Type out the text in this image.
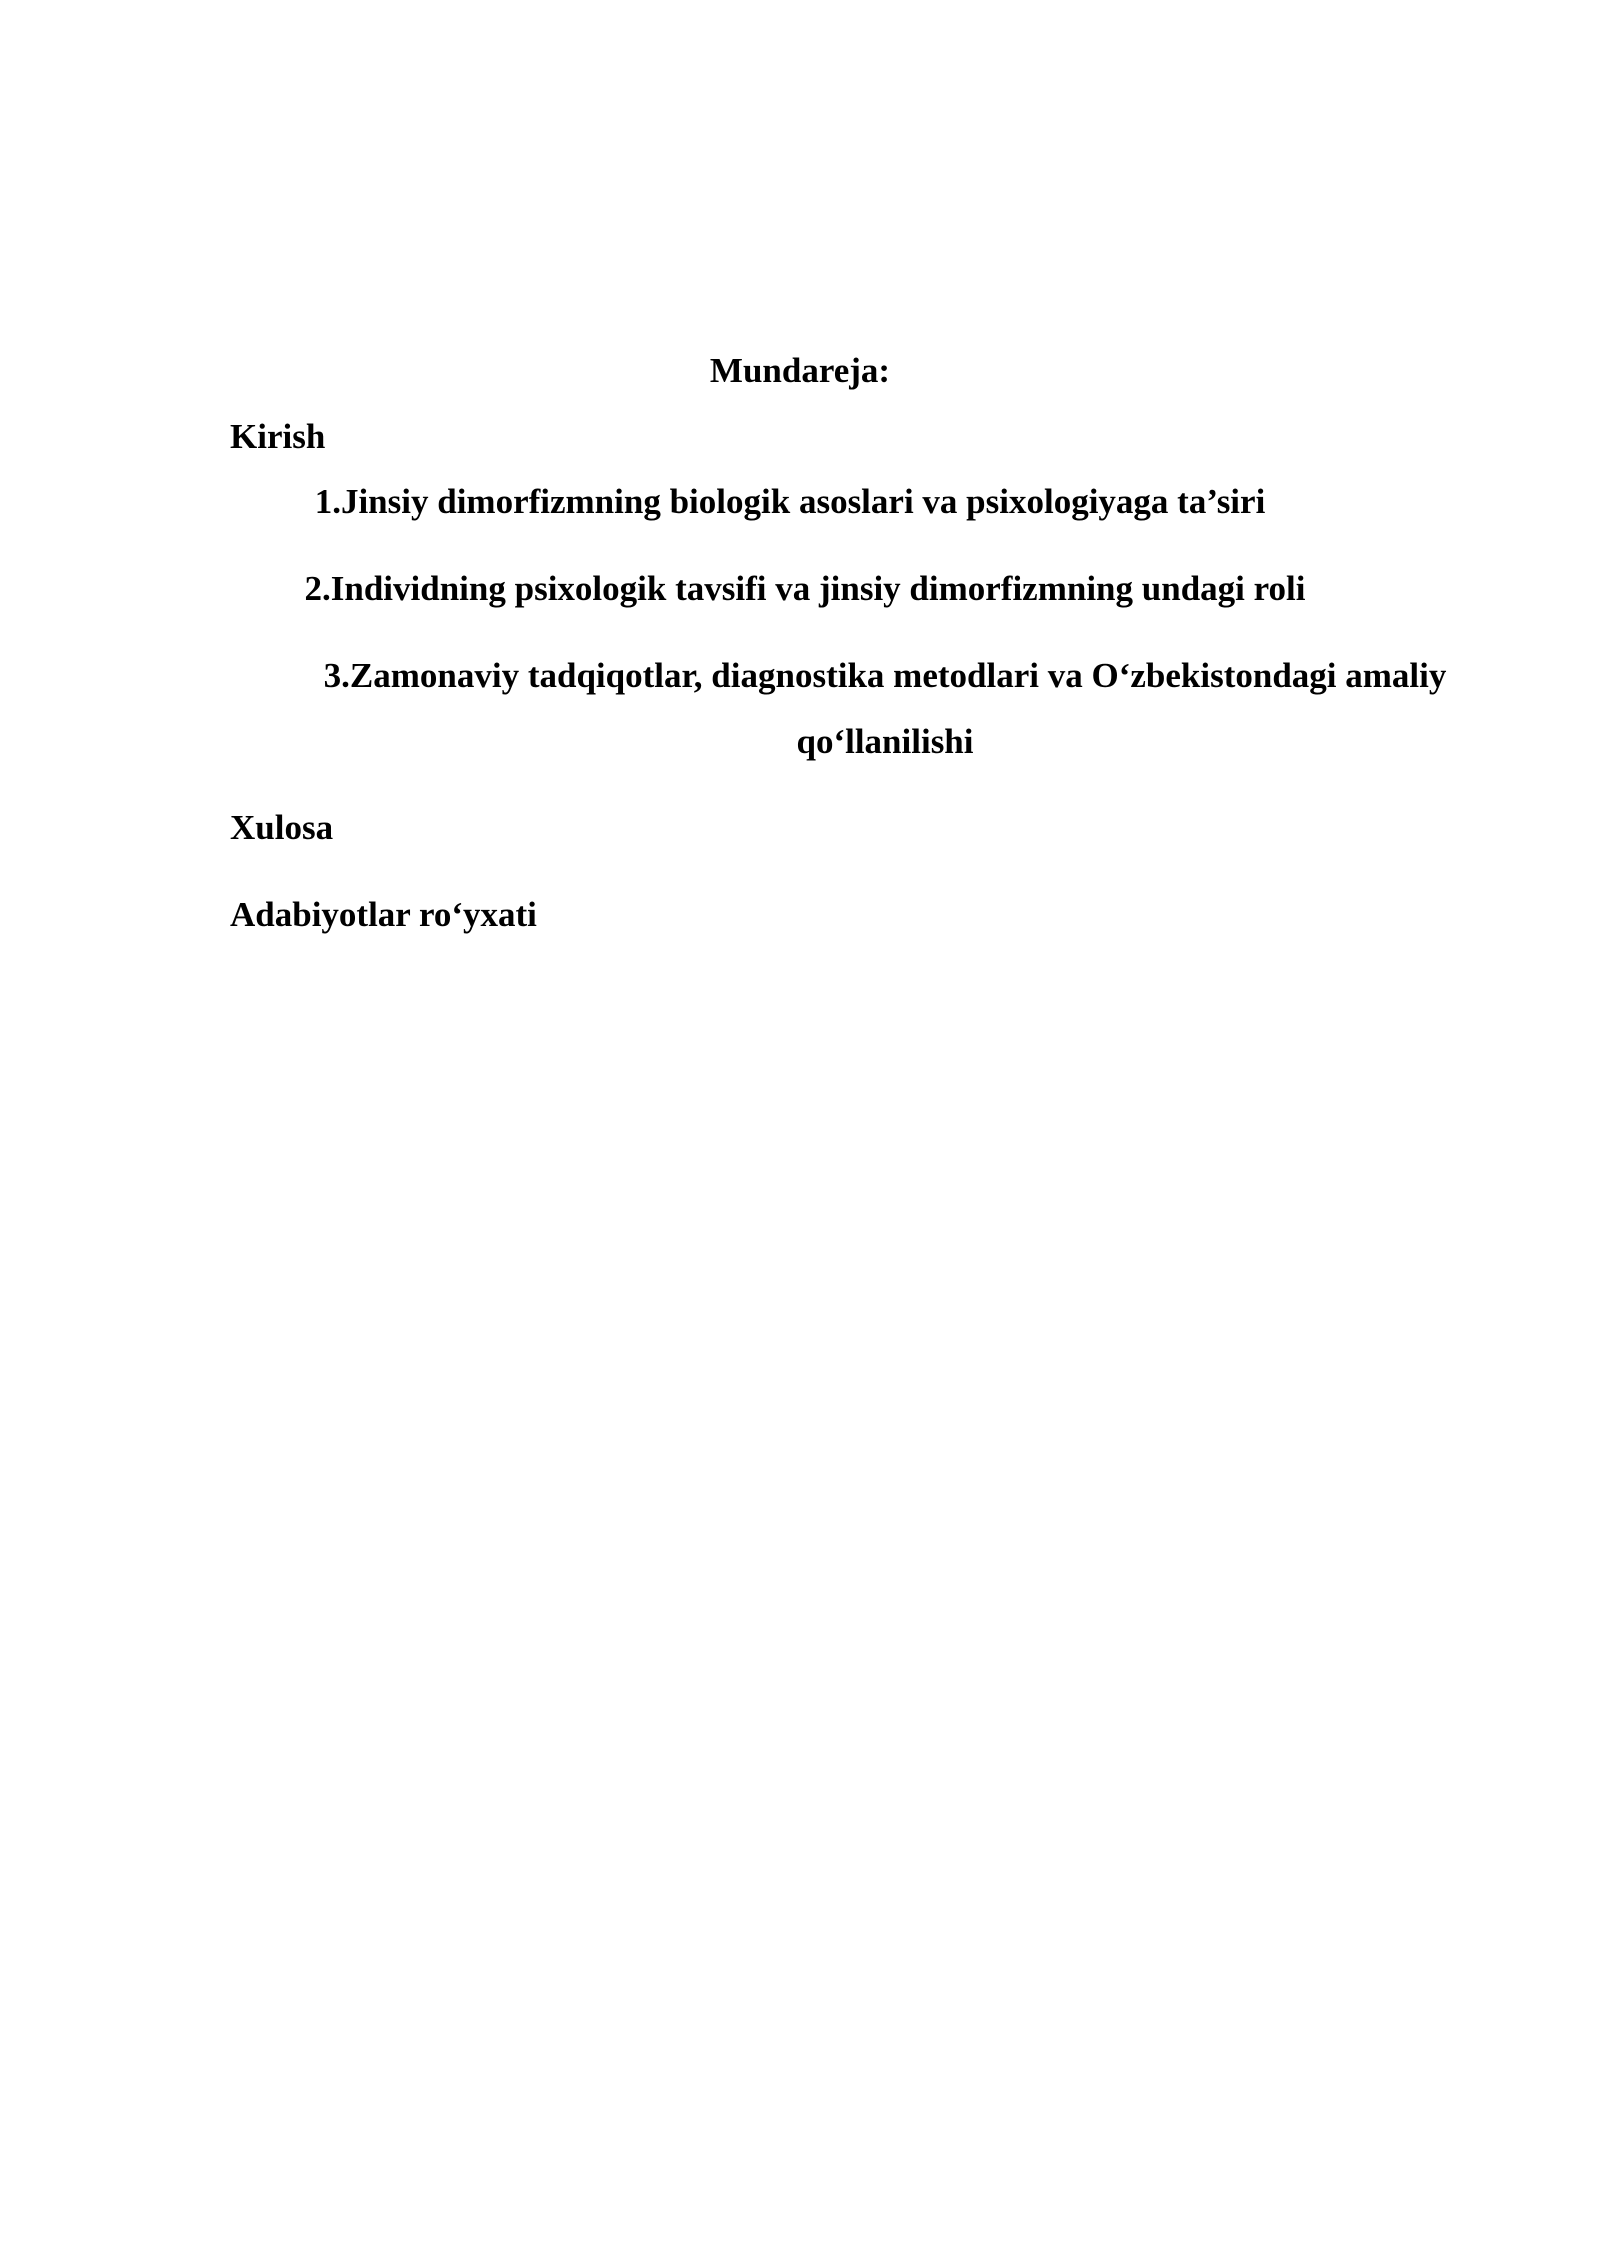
Mundareja:

Kirish

1.Jinsiy dimorfizmning biologik asoslari va psixologiyaga ta’siri

2.Individning psixologik tavsifi va jinsiy dimorfizmning undagi roli

3.Zamonaviy tadqiqotlar, diagnostika metodlari va O‘zbekistondagi amaliy qo‘llanilishi

Xulosa

Adabiyotlar ro‘yxati
